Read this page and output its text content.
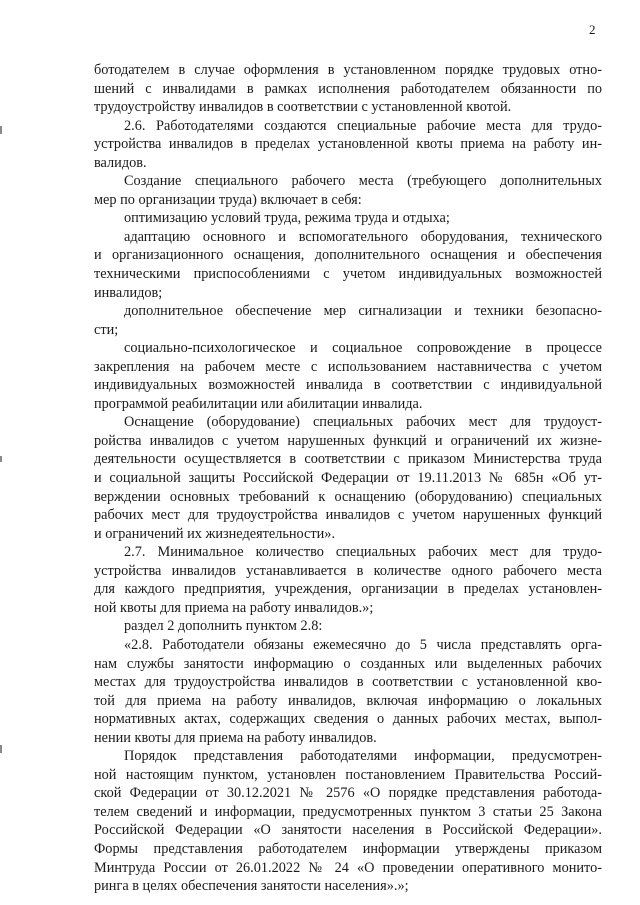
2
ботодателем в случае оформления в установленном порядке трудовых отно-
шений с инвалидами в рамках исполнения работодателем обязанности по
трудоустройству инвалидов в соответствии с установленной квотой.
2.6. Работодателями создаются специальные рабочие места для трудо-
устройства инвалидов в пределах установленной квоты приема на работу ин-
валидов.
Создание специального рабочего места (требующего дополнительных
мер по организации труда) включает в себя:
оптимизацию условий труда, режима труда и отдыха;
адаптацию основного и вспомогательного оборудования, технического
и организационного оснащения, дополнительного оснащения и обеспечения
техническими приспособлениями с учетом индивидуальных возможностей
инвалидов;
дополнительное обеспечение мер сигнализации и техники безопасно-
сти;
социально-психологическое и социальное сопровождение в процессе
закрепления на рабочем месте с использованием наставничества с учетом
индивидуальных возможностей инвалида в соответствии с индивидуальной
программой реабилитации или абилитации инвалида.
Оснащение (оборудование) специальных рабочих мест для трудоуст-
ройства инвалидов с учетом нарушенных функций и ограничений их жизне-
деятельности осуществляется в соответствии с приказом Министерства труда
и социальной защиты Российской Федерации от 19.11.2013 № 685н «Об ут-
верждении основных требований к оснащению (оборудованию) специальных
рабочих мест для трудоустройства инвалидов с учетом нарушенных функций
и ограничений их жизнедеятельности».
2.7. Минимальное количество специальных рабочих мест для трудо-
устройства инвалидов устанавливается в количестве одного рабочего места
для каждого предприятия, учреждения, организации в пределах установлен-
ной квоты для приема на работу инвалидов.»;
раздел 2 дополнить пунктом 2.8:
«2.8. Работодатели обязаны ежемесячно до 5 числа представлять орга-
нам службы занятости информацию о созданных или выделенных рабочих
местах для трудоустройства инвалидов в соответствии с установленной кво-
той для приема на работу инвалидов, включая информацию о локальных
нормативных актах, содержащих сведения о данных рабочих местах, выпол-
нении квоты для приема на работу инвалидов.
Порядок представления работодателями информации, предусмотрен-
ной настоящим пунктом, установлен постановлением Правительства Россий-
ской Федерации от 30.12.2021 № 2576 «О порядке представления работода-
телем сведений и информации, предусмотренных пунктом 3 статьи 25 Закона
Российской Федерации «О занятости населения в Российской Федерации».
Формы представления работодателем информации утверждены приказом
Минтруда России от 26.01.2022 № 24 «О проведении оперативного монито-
ринга в целях обеспечения занятости населения».»;
